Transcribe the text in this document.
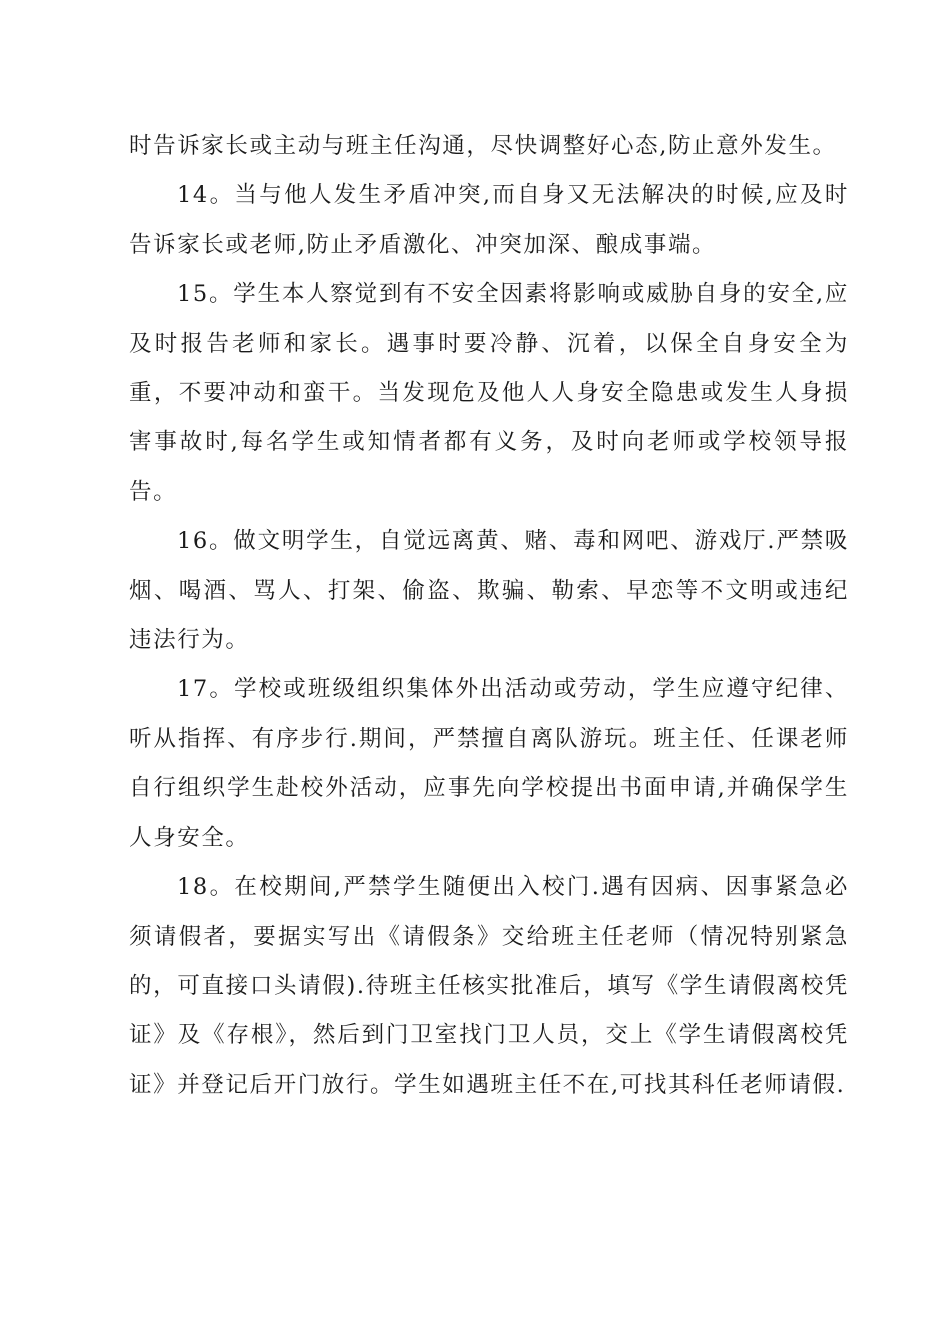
时告诉家长或主动与班主任沟通，尽快调整好心态,防止意外发生。

14。当与他人发生矛盾冲突,而自身又无法解决的时候,应及时告诉家长或老师,防止矛盾激化、冲突加深、酿成事端。

15。学生本人察觉到有不安全因素将影响或威胁自身的安全,应及时报告老师和家长。遇事时要冷静、沉着，以保全自身安全为重，不要冲动和蛮干。当发现危及他人人身安全隐患或发生人身损害事故时,每名学生或知情者都有义务，及时向老师或学校领导报告。

16。做文明学生，自觉远离黄、赌、毒和网吧、游戏厅.严禁吸烟、喝酒、骂人、打架、偷盗、欺骗、勒索、早恋等不文明或违纪违法行为。

17。学校或班级组织集体外出活动或劳动，学生应遵守纪律、听从指挥、有序步行.期间，严禁擅自离队游玩。班主任、任课老师自行组织学生赴校外活动，应事先向学校提出书面申请,并确保学生人身安全。

18。在校期间,严禁学生随便出入校门.遇有因病、因事紧急必须请假者，要据实写出《请假条》交给班主任老师（情况特别紧急的，可直接口头请假).待班主任核实批准后，填写《学生请假离校凭证》及《存根》，然后到门卫室找门卫人员，交上《学生请假离校凭证》并登记后开门放行。学生如遇班主任不在,可找其科任老师请假.
